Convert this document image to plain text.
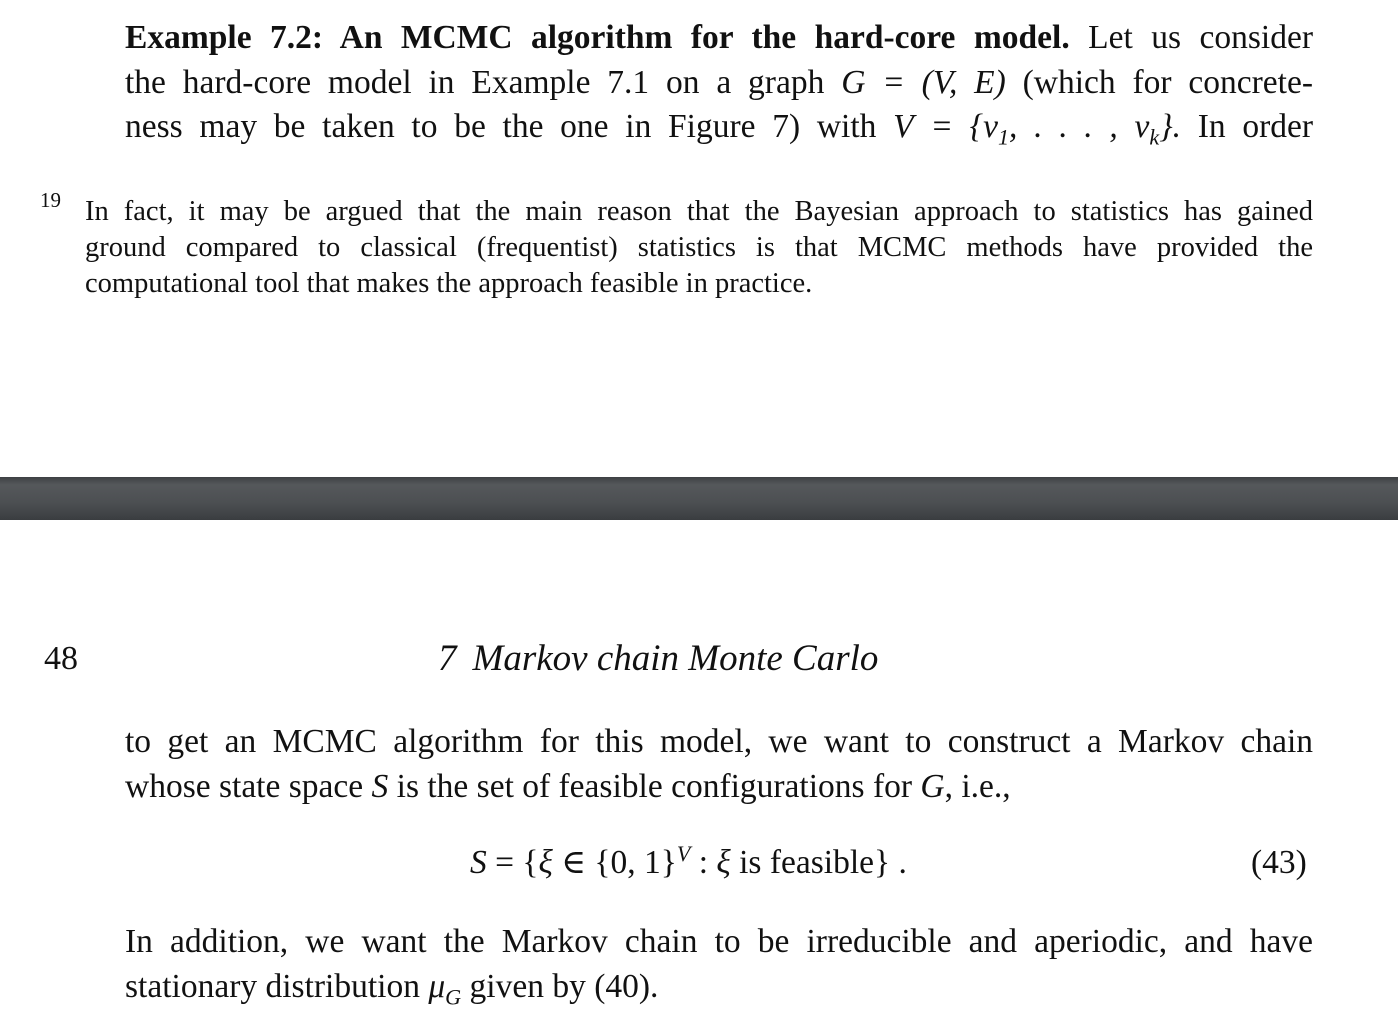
Example 7.2: An MCMC algorithm for the hard-core model. Let us consider
the hard-core model in Example 7.1 on a graph G = (V, E) (which for concrete-
ness may be taken to be the one in Figure 7) with $V = \{v_1$, . . . , $v_k$}. In order

19 In fact, it may be argued that the main reason that the Bayesian approach to statistics has gained
ground compared to classical (frequentist) statistics is that MCMC methods have provided the
computational tool that makes the approach feasible in practice.

48	7 Markov chain Monte Carlo

to get an MCMC algorithm for this model, we want to construct a Markov chain
whose state space S is the set of feasible configurations for G, i.e.,

S = {ξ ∈ {0, 1}$^V$ : ξ is feasible} .	(43)

In addition, we want the Markov chain to be irreducible and aperiodic, and have
stationary distribution $\mu_G$ given by (40).
